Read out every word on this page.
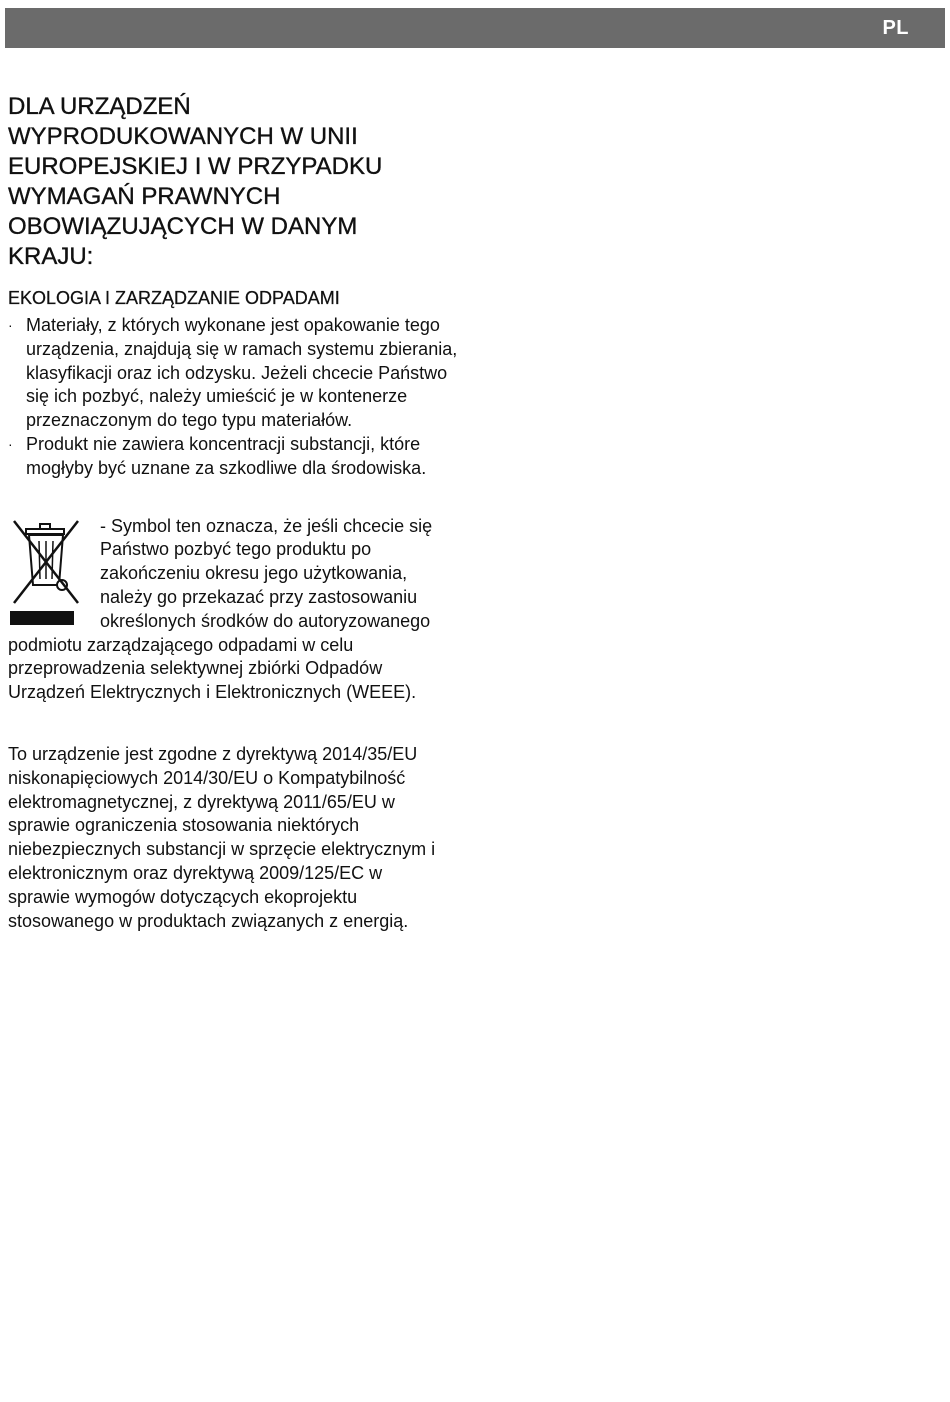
PL
DLA URZĄDZEŃ WYPRODUKOWANYCH W UNII EUROPEJSKIEJ I W PRZYPADKU WYMAGAŃ PRAWNYCH OBOWIĄZUJĄCYCH W DANYM KRAJU:
EKOLOGIA I ZARZĄDZANIE ODPADAMI
· Materiały, z których wykonane jest opakowanie tego urządzenia, znajdują się w ramach systemu zbierania, klasyfikacji oraz ich odzysku. Jeżeli chcecie Państwo się ich pozbyć, należy umieścić je w kontenerze przeznaczonym do tego typu materiałów.
· Produkt nie zawiera koncentracji substancji, które mogłyby być uznane za szkodliwe dla środowiska.
- Symbol ten oznacza, że jeśli chcecie się Państwo pozbyć tego produktu po zakończeniu okresu jego użytkowania, należy go przekazać przy zastosowaniu określonych środków do autoryzowanego podmiotu zarządzającego odpadami w celu przeprowadzenia selektywnej zbiórki Odpadów Urządzeń Elektrycznych i Elektronicznych (WEEE).

To urządzenie jest zgodne z dyrektywą 2014/35/EU niskonapięciowych 2014/30/EU o Kompatybilność elektromagnetycznej, z dyrektywą 2011/65/EU w sprawie ograniczenia stosowania niektórych niebezpiecznych substancji w sprzęcie elektrycznym i elektronicznym oraz dyrektywą 2009/125/EC w sprawie wymogów dotyczących ekoprojektu stosowanego w produktach związanych z energią.
